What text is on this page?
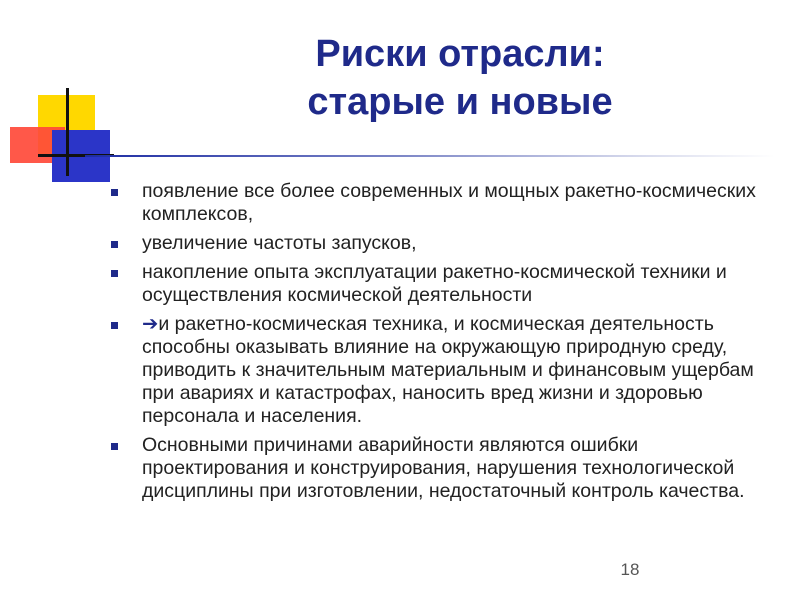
Риски отрасли:
старые и новые
появление все более современных и мощных ракетно-космических комплексов,
увеличение частоты запусков,
накопление опыта эксплуатации ракетно-космической техники и осуществления космической деятельности
➔и ракетно-космическая техника, и космическая деятельность способны оказывать влияние на окружающую природную среду, приводить к значительным материальным и финансовым ущербам при авариях и катастрофах, наносить вред жизни и здоровью персонала и населения.
Основными причинами аварийности являются ошибки проектирования и конструирования, нарушения технологической дисциплины при изготовлении, недостаточный контроль качества.
18
